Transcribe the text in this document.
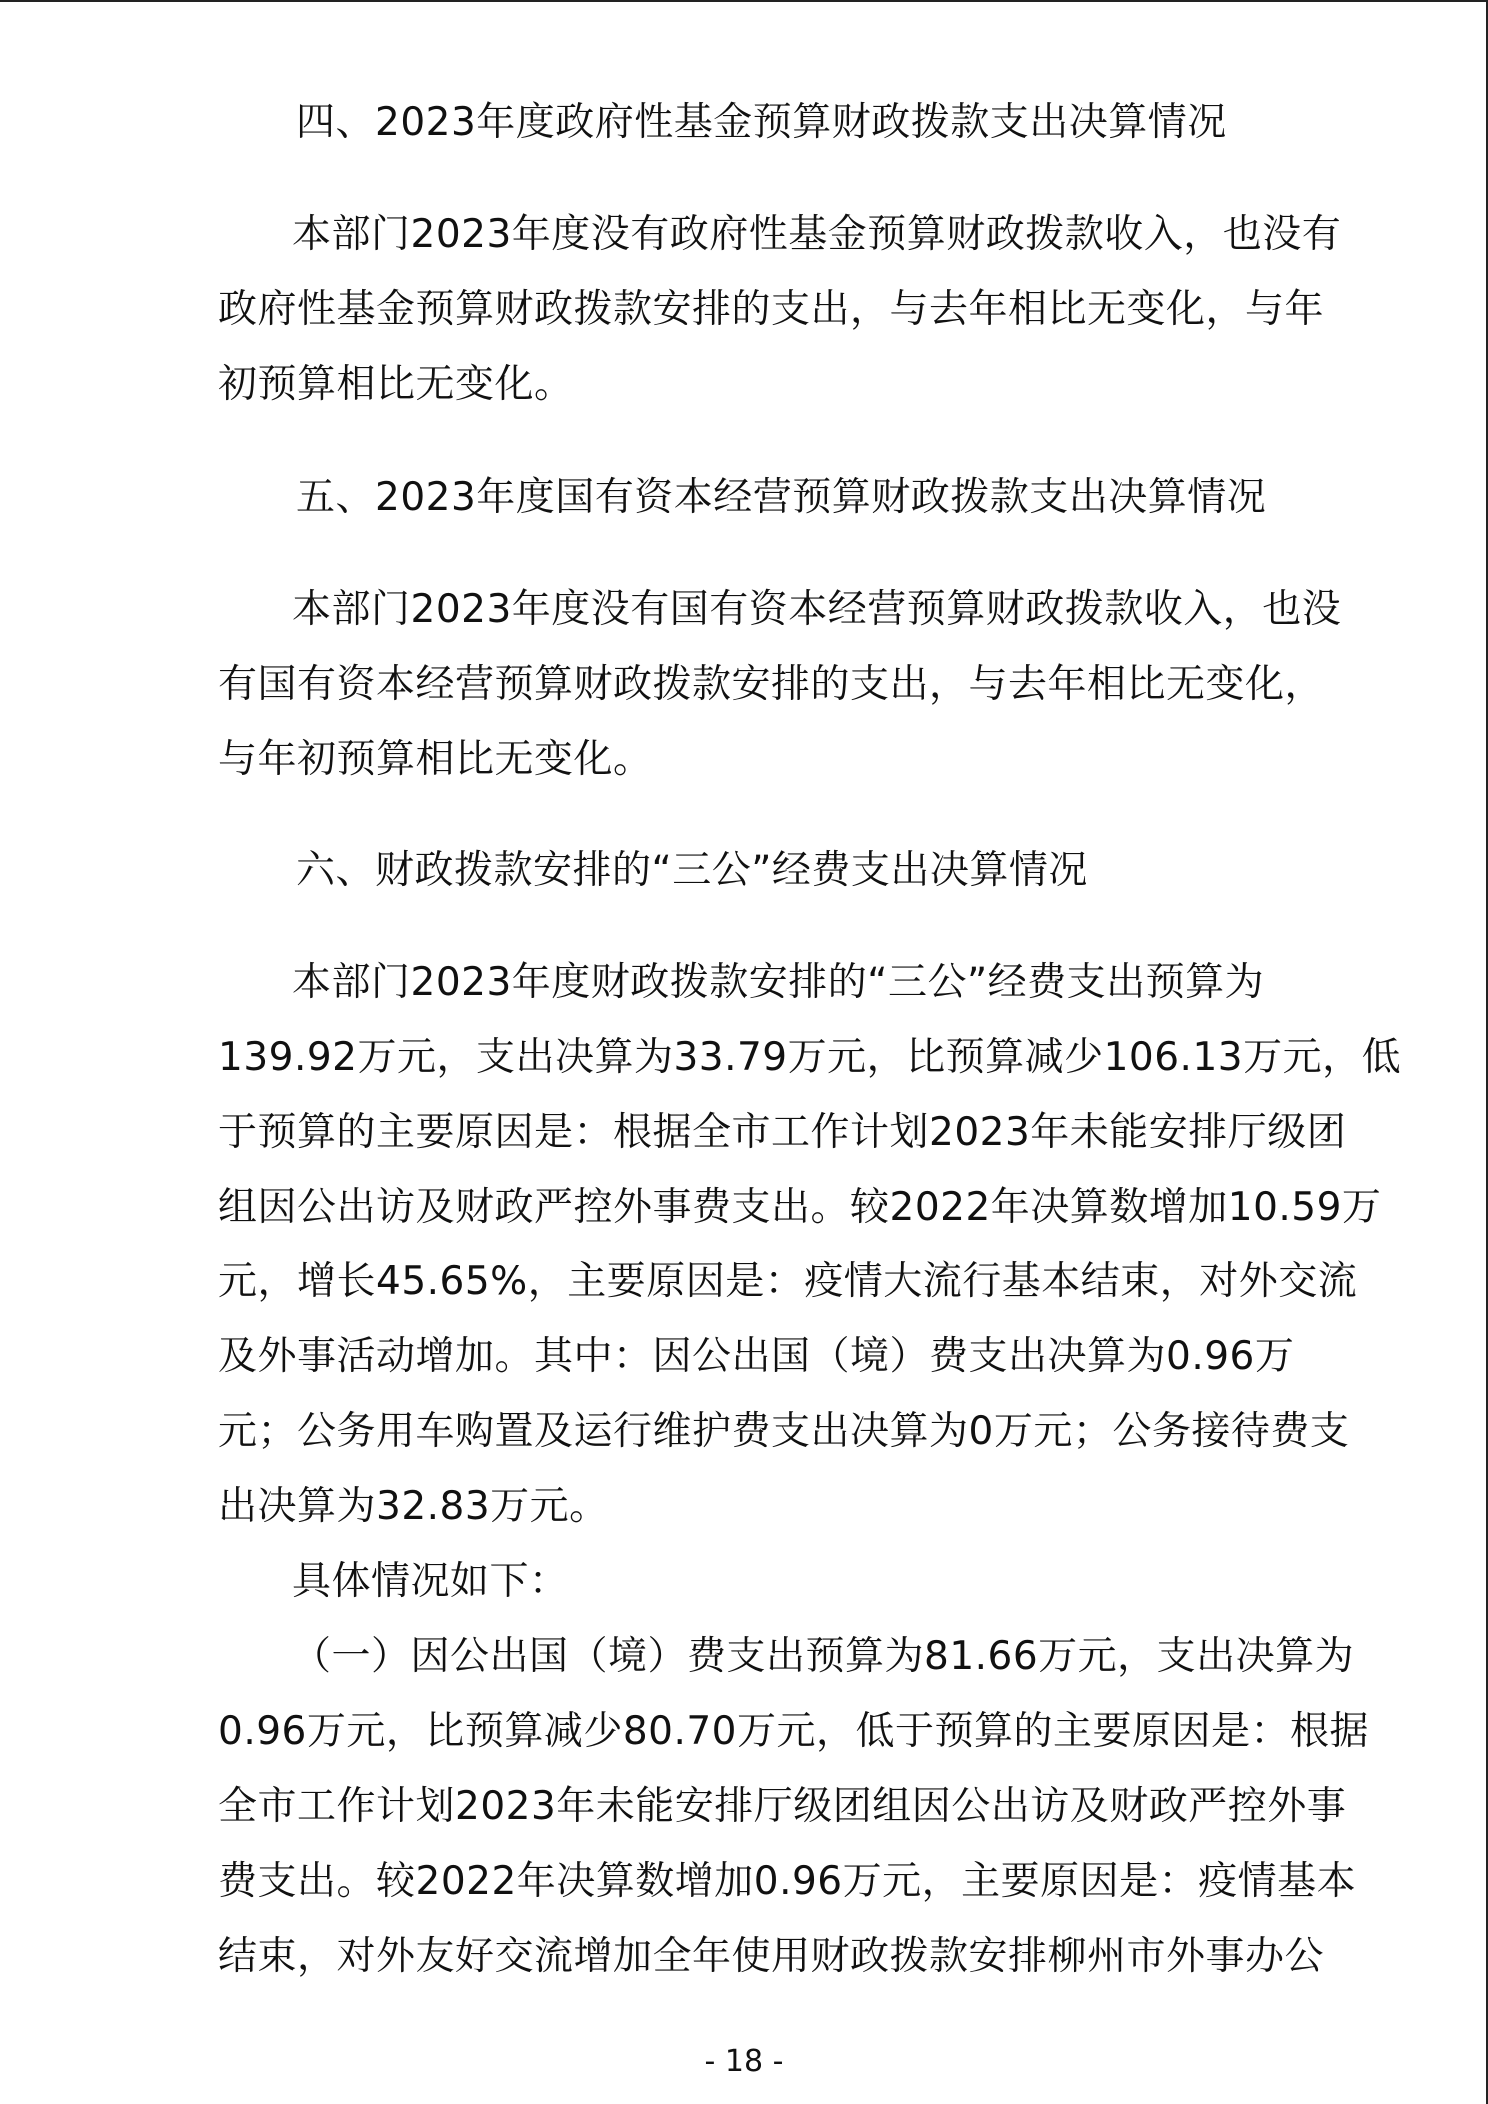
四、2023年度政府性基金预算财政拨款支出决算情况
本部门2023年度没有政府性基金预算财政拨款收入，也没有
政府性基金预算财政拨款安排的支出，与去年相比无变化，与年
初预算相比无变化。
五、2023年度国有资本经营预算财政拨款支出决算情况
本部门2023年度没有国有资本经营预算财政拨款收入，也没
有国有资本经营预算财政拨款安排的支出，与去年相比无变化，
与年初预算相比无变化。
六、财政拨款安排的“三公”经费支出决算情况
本部门2023年度财政拨款安排的“三公”经费支出预算为
139.92万元，支出决算为33.79万元，比预算减少106.13万元，低
于预算的主要原因是：根据全市工作计划2023年未能安排厅级团
组因公出访及财政严控外事费支出。较2022年决算数增加10.59万
元，增长45.65%，主要原因是：疫情大流行基本结束，对外交流
及外事活动增加。其中：因公出国（境）费支出决算为0.96万
元；公务用车购置及运行维护费支出决算为0万元；公务接待费支
出决算为32.83万元。
具体情况如下：
（一）因公出国（境）费支出预算为81.66万元，支出决算为
0.96万元，比预算减少80.70万元，低于预算的主要原因是：根据
全市工作计划2023年未能安排厅级团组因公出访及财政严控外事
费支出。较2022年决算数增加0.96万元，主要原因是：疫情基本
结束，对外友好交流增加全年使用财政拨款安排柳州市外事办公
- 18 -
